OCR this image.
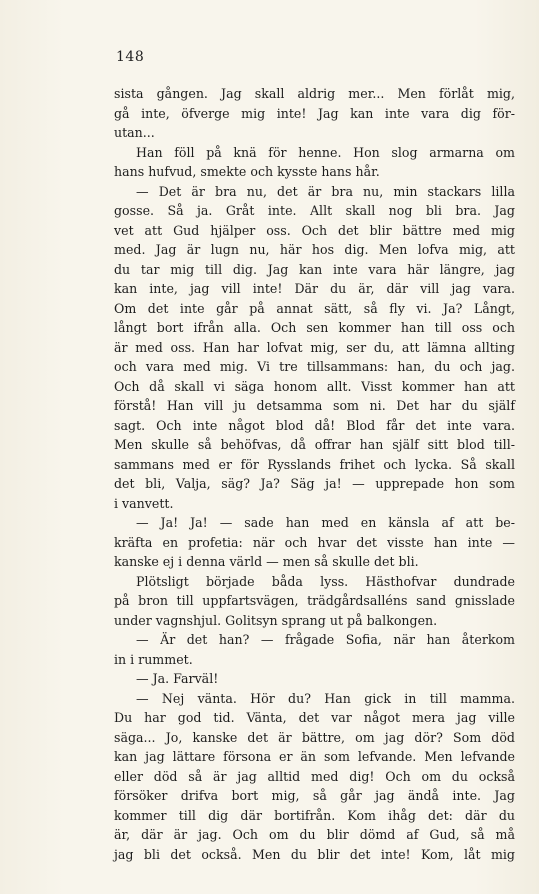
148
sista gången. Jag skall aldrig mer... Men förlåt mig,
gå inte, öfverge mig inte! Jag kan inte vara dig för-
utan...
Han föll på knä för henne. Hon slog armarna om
hans hufvud, smekte och kysste hans hår.
— Det är bra nu, det är bra nu, min stackars lilla
gosse. Så ja. Gråt inte. Allt skall nog bli bra. Jag
vet att Gud hjälper oss. Och det blir bättre med mig
med. Jag är lugn nu, här hos dig. Men lofva mig, att
du tar mig till dig. Jag kan inte vara här längre, jag
kan inte, jag vill inte! Där du är, där vill jag vara.
Om det inte går på annat sätt, så fly vi. Ja? Långt,
långt bort ifrån alla. Och sen kommer han till oss och
är med oss. Han har lofvat mig, ser du, att lämna allting
och vara med mig. Vi tre tillsammans: han, du och jag.
Och då skall vi säga honom allt. Visst kommer han att
förstå! Han vill ju detsamma som ni. Det har du själf
sagt. Och inte något blod då! Blod får det inte vara.
Men skulle så behöfvas, då offrar han själf sitt blod till-
sammans med er för Rysslands frihet och lycka. Så skall
det bli, Valja, säg? Ja? Säg ja! — upprepade hon som
i vanvett.
— Ja! Ja! — sade han med en känsla af att be-
kräfta en profetia: när och hvar det visste han inte —
kanske ej i denna värld — men så skulle det bli.
Plötsligt började båda lyss. Hästhofvar dundrade
på bron till uppfartsvägen, trädgårdsalléns sand gnisslade
under vagnshjul. Golitsyn sprang ut på balkongen.
— Är det han? — frågade Sofia, när han återkom
in i rummet.
— Ja. Farväl!
— Nej vänta. Hör du? Han gick in till mamma.
Du har god tid. Vänta, det var något mera jag ville
säga... Jo, kanske det är bättre, om jag dör? Som död
kan jag lättare försona er än som lefvande. Men lefvande
eller död så är jag alltid med dig! Och om du också
försöker drifva bort mig, så går jag ändå inte. Jag
kommer till dig där bortifrån. Kom ihåg det: där du
är, där är jag. Och om du blir dömd af Gud, så må
jag bli det också. Men du blir det inte! Kom, låt mig
